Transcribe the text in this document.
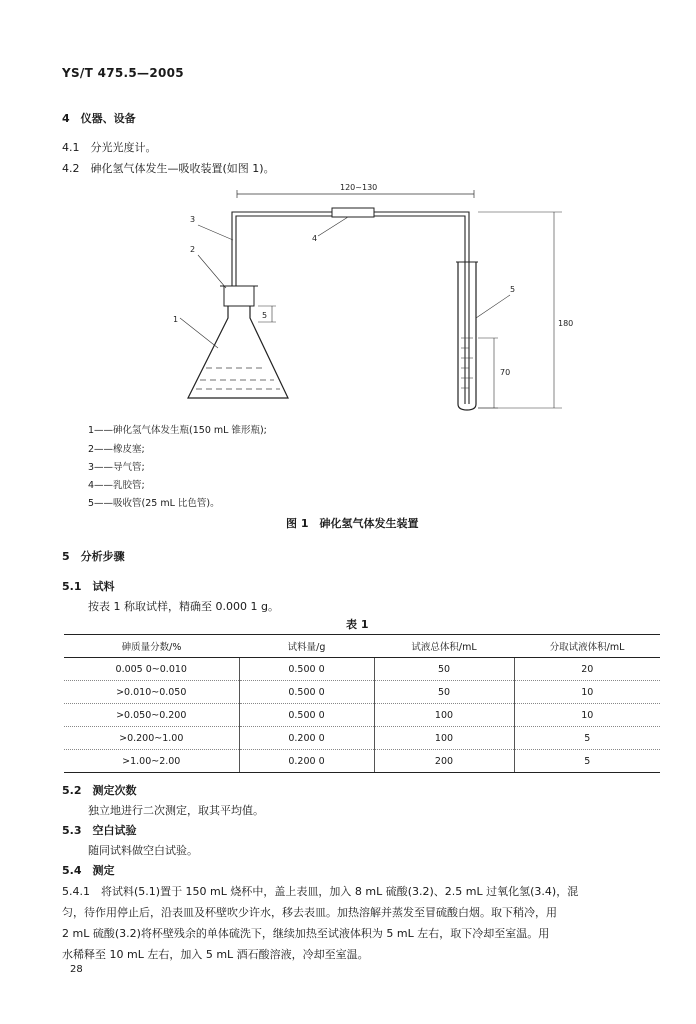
YS/T 475.5—2005
4　仪器、设备
4.1　分光光度计。
4.2　砷化氢气体发生—吸收装置(如图 1)。
120~130
5
70
180
3
2
1
4
5
1——砷化氢气体发生瓶(150 mL 锥形瓶);
2——橡皮塞;
3——导气管;
4——乳胶管;
5——吸收管(25 mL 比色管)。
图 1　砷化氢气体发生装置
5　分析步骤
5.1　试料
按表 1 称取试样，精确至 0.000 1 g。
表 1
砷质量分数/%	试料量/g	试液总体积/mL	分取试液体积/mL
0.005 0~0.010	0.500 0	50	20
>0.010~0.050	0.500 0	50	10
>0.050~0.200	0.500 0	100	10
>0.200~1.00	0.200 0	100	5
>1.00~2.00	0.200 0	200	5
5.2　测定次数
独立地进行二次测定，取其平均值。
5.3　空白试验
随同试料做空白试验。
5.4　测定
5.4.1　将试料(5.1)置于 150 mL 烧杯中，盖上表皿，加入 8 mL 硫酸(3.2)、2.5 mL 过氧化氢(3.4)，混
匀，待作用停止后，沿表皿及杯壁吹少许水，移去表皿。加热溶解并蒸发至冒硫酸白烟。取下稍冷，用
2 mL 硫酸(3.2)将杯壁残余的单体硫洗下，继续加热至试液体积为 5 mL 左右，取下冷却至室温。用
水稀释至 10 mL 左右，加入 5 mL 酒石酸溶液，冷却至室温。
28
